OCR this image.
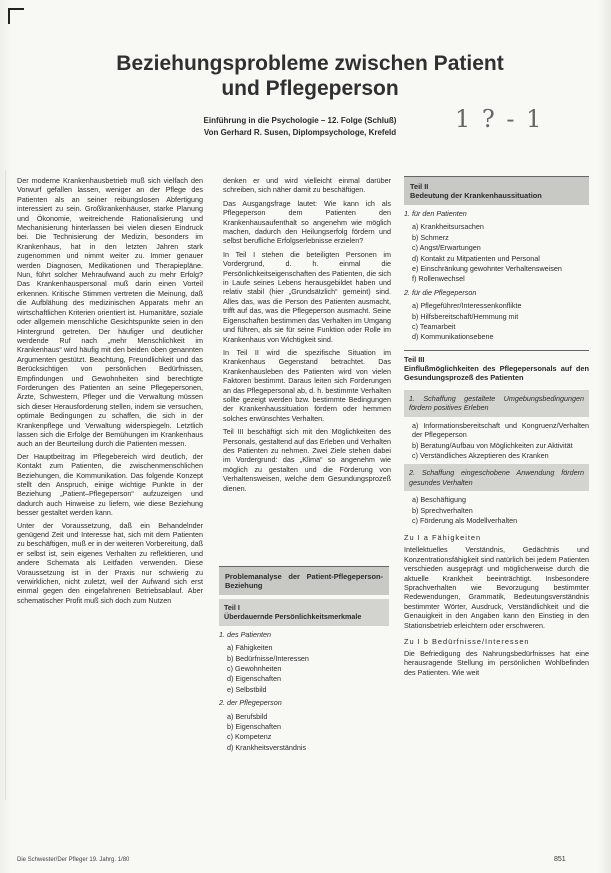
Beziehungsprobleme zwischen Patient
und Pflegeperson
Einführung in die Psychologie – 12. Folge (Schluß)
Von Gerhard R. Susen, Diplompsychologe, Krefeld	1 ? - 1

Der moderne Krankenhausbetrieb muß sich vielfach den Vorwurf gefallen lassen, weniger an der Pflege des Patienten als an seiner reibungslosen Abfertigung interessiert zu sein. Großkrankenhäuser, starke Planung und Ökonomie, weitreichende Rationalisierung und Mechanisierung hinterlassen bei vielen diesen Eindruck bei. Die Technisierung der Medizin, besonders im Krankenhaus, hat in den letzten Jahren stark zugenommen und nimmt weiter zu. Immer genauer werden Diagnosen, Medikationen und Therapiepläne. Nun, führt solcher Mehraufwand auch zu mehr Erfolg? Das Krankenhauspersonal muß darin einen Vorteil erkennen. Kritische Stimmen vertreten die Meinung, daß die Aufblähung des medizinischen Apparats mehr an wirtschaftlichen Kriterien orientiert ist. Humanitäre, soziale oder allgemein menschliche Gesichtspunkte seien in den Hintergrund getreten. Der häufiger und deutlicher werdende Ruf nach „mehr Menschlichkeit im Krankenhaus“ wird häufig mit den beiden oben genannten Argumenten gestützt. Beachtung, Freundlichkeit und das Berücksichtigen von persönlichen Bedürfnissen, Empfindungen und Gewohnheiten sind berechtigte Forderungen des Patienten an seine Pflegepersonen, Ärzte, Schwestern, Pfleger und die Verwaltung müssen sich dieser Herausforderung stellen, indem sie versuchen, optimale Bedingungen zu schaffen, die sich in der Krankenpflege und Verwaltung widerspiegeln. Letztlich lassen sich die Erfolge der Bemühungen im Krankenhaus auch an der Beurteilung durch die Patienten messen.

Der Hauptbeitrag im Pflegebereich wird deutlich, der Kontakt zum Patienten, die zwischenmenschlichen Beziehungen, die Kommunikation. Das folgende Konzept stellt den Anspruch, einige wichtige Punkte in der Beziehung „Patient–Pflegeperson“ aufzuzeigen und dadurch auch Hinweise zu liefern, wie diese Beziehung besser gestaltet werden kann.

Unter der Voraussetzung, daß ein Behandelnder genügend Zeit und Interesse hat, sich mit dem Patienten zu beschäftigen, muß er in der weiteren Vorbereitung, daß er selbst ist, sein eigenes Verhalten zu reflektieren, und andere Schemata als Leitfaden verwenden. Diese Voraussetzung ist in der Praxis nur schwierig zu verwirklichen, nicht zuletzt, weil der Aufwand sich erst einmal gegen den eingefahrenen Betriebsablauf. Aber schematischer Profit muß sich doch zum Nutzen

denken er und wird vielleicht einmal darüber schreiben, sich näher damit zu beschäftigen.

Das Ausgangsfrage lautet: Wie kann ich als Pflegeperson dem Patienten den Krankenhausaufenthalt so angenehm wie möglich machen, dadurch den Heilungserfolg fördern und selbst berufliche Erfolgserlebnisse erzielen?

In Teil I stehen die beteiligten Personen im Vordergrund, d. h. einmal die Persönlichkeitseigenschaften des Patienten, die sich in Laufe seines Lebens herausgebildet haben und relativ stabil (hier „Grundsätzlich“ gemeint) sind. Alles das, was die Person des Patienten ausmacht, trifft auf das, was die Pflegeperson ausmacht. Seine Eigenschaften bestimmen das Verhalten im Umgang und führen, als sie für seine Funktion oder Rolle im Krankenhaus von Wichtigkeit sind.

In Teil II wird die spezifische Situation im Krankenhaus Gegenstand betrachtet. Das Krankenhausleben des Patienten wird von vielen Faktoren bestimmt. Daraus leiten sich Forderungen an das Pflegepersonal ab, d. h. bestimmte Verhalten sollte gezeigt werden bzw. bestimmte Bedingungen der Krankenhaussituation fördern oder hemmen solches erwünschtes Verhalten.

Teil III beschäftigt sich mit den Möglichkeiten des Personals, gestaltend auf das Erleben und Verhalten des Patienten zu nehmen. Zwei Ziele stehen dabei im Vordergrund: das „Klima“ so angenehm wie möglich zu gestalten und die Förderung von Verhaltensweisen, welche dem Gesundungsprozeß dienen.

Problemanalyse der Patient-Pflegeperson-Beziehung
Teil I
Überdauernde Persönlichkeitsmerkmale
1. des Patienten
a) Fähigkeiten
b) Bedürfnisse/Interessen
c) Gewohnheiten
d) Eigenschaften
e) Selbstbild
2. der Pflegeperson
a) Berufsbild
b) Eigenschaften
c) Kompetenz
d) Krankheitsverständnis
Teil II
Bedeutung der Krankenhaussituation
1. für den Patienten
a) Krankheitsursachen
b) Schmerz
c) Angst/Erwartungen
d) Kontakt zu Mitpatienten und Personal
e) Einschränkung gewohnter Verhaltensweisen
f) Rollenwechsel
2. für die Pflegeperson
a) Pflegeführer/Interessenkonflikte
b) Hilfsbereitschaft/Hemmung mit
c) Teamarbeit
d) Kommunikationsebene
Teil III
Einflußmöglichkeiten des Pflegepersonals auf den Gesundungsprozeß des Patienten
1. Schaffung gestaltete Umgebungsbedingungen fördern positives Erleben
a) Informationsbereitschaft und Kongruenz/Verhalten der Pflegeperson
b) Beratung/Aufbau von Möglichkeiten zur Aktivität
c) Verständliches Akzeptieren des Kranken
2. Schaffung eingeschobene Anwendung fördern gesundes Verhalten
a) Beschäftigung
b) Sprechverhalten
c) Förderung als Modellverhalten
Zu I a Fähigkeiten

Intellektuelles Verständnis, Gedächtnis und Konzentrationsfähigkeit sind natürlich bei jedem Patienten verschieden ausgeprägt und möglicherweise durch die aktuelle Krankheit beeinträchtigt. Insbesondere Sprachverhalten wie Bevorzugung bestimmter Redewendungen, Grammatik, Bedeutungsverständnis bestimmter Wörter, Ausdruck, Verständlichkeit und die Genauigkeit in den Angaben kann den Einstieg in den Stationsbetrieb erleichtern oder erschweren.

Zu I b Bedürfnisse/Interessen

Die Befriedigung des Nahrungsbedürfnisses hat eine herausragende Stellung im persönlichen Wohlbefinden des Patienten. Wie weit

Die Schwester/Der Pfleger 19. Jahrg. 1/80	851
